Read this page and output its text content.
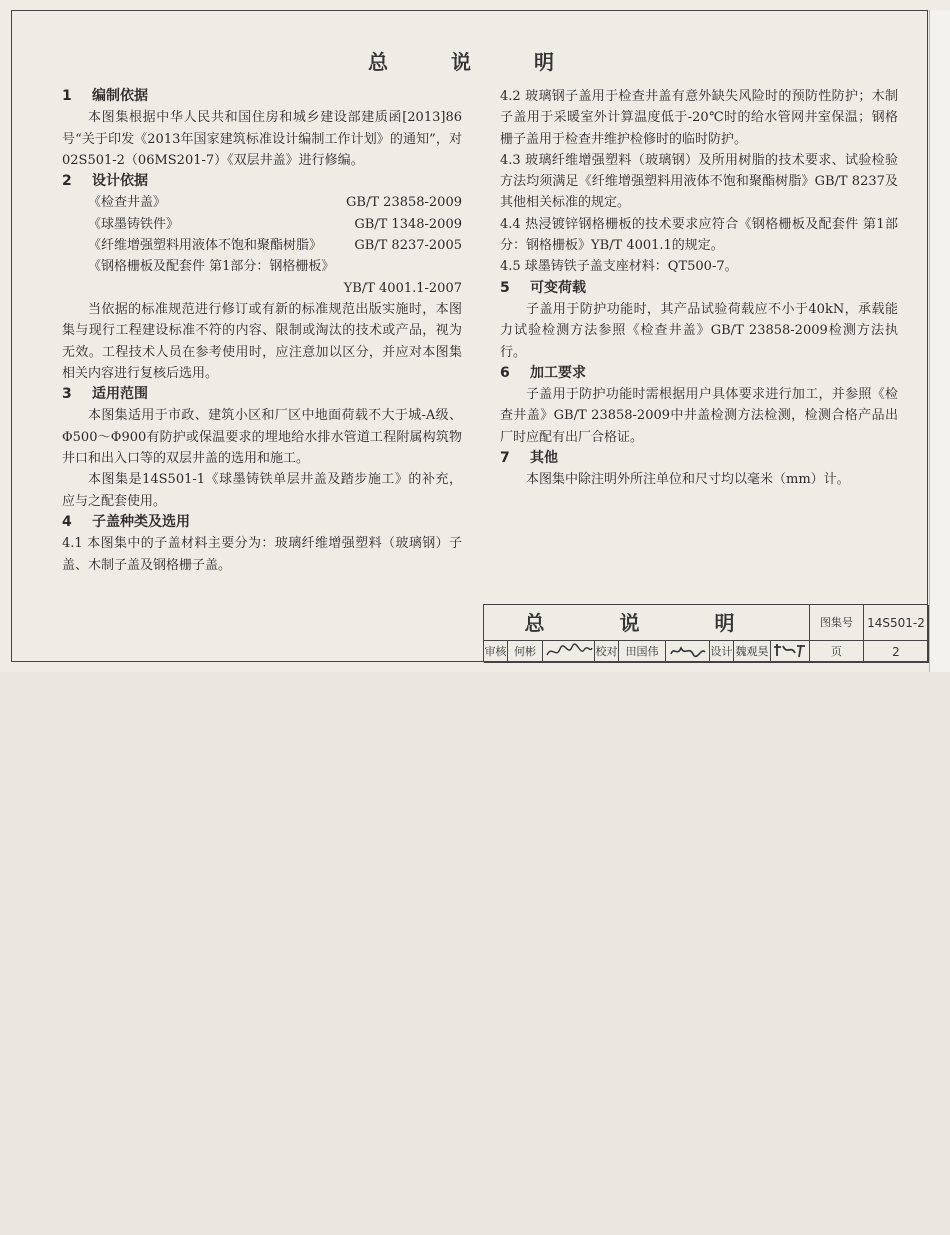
总 说 明
1 编制依据
本图集根据中华人民共和国住房和城乡建设部建质函[2013]86号“关于印发《2013年国家建筑标准设计编制工作计划》的通知”，对02S501-2（06MS201-7）《双层井盖》进行修编。
2 设计依据
《检查井盖》	GB/T 23858-2009
《球墨铸铁件》	GB/T 1348-2009
《纤维增强塑料用液体不饱和聚酯树脂》 GB/T 8237-2005
《钢格栅板及配套件 第1部分：钢格栅板》
YB/T 4001.1-2007
当依据的标准规范进行修订或有新的标准规范出版实施时，本图集与现行工程建设标准不符的内容、限制或淘汰的技术或产品，视为无效。工程技术人员在参考使用时，应注意加以区分，并应对本图集相关内容进行复核后选用。
3 适用范围
本图集适用于市政、建筑小区和厂区中地面荷载不大于城-A级、Φ500～Φ900有防护或保温要求的埋地给水排水管道工程附属构筑物井口和出入口等的双层井盖的选用和施工。
本图集是14S501-1《球墨铸铁单层井盖及踏步施工》的补充，应与之配套使用。
4 子盖种类及选用
4.1 本图集中的子盖材料主要分为：玻璃纤维增强塑料（玻璃钢）子盖、木制子盖及钢格栅子盖。
4.2 玻璃钢子盖用于检查井盖有意外缺失风险时的预防性防护；木制子盖用于采暖室外计算温度低于-20℃时的给水管网井室保温；钢格栅子盖用于检查井维护检修时的临时防护。
4.3 玻璃纤维增强塑料（玻璃钢）及所用树脂的技术要求、试验检验方法均须满足《纤维增强塑料用液体不饱和聚酯树脂》GB/T 8237及其他相关标准的规定。
4.4 热浸镀锌钢格栅板的技术要求应符合《钢格栅板及配套件 第1部分：钢格栅板》YB/T 4001.1的规定。
4.5 球墨铸铁子盖支座材料：QT500-7。
5 可变荷载
子盖用于防护功能时，其产品试验荷载应不小于40kN，承载能力试验检测方法参照《检查井盖》GB/T 23858-2009检测方法执行。
6 加工要求
子盖用于防护功能时需根据用户具体要求进行加工，并参照《检查井盖》GB/T 23858-2009中井盖检测方法检测，检测合格产品出厂时应配有出厂合格证。
7 其他
本图集中除注明外所注单位和尺寸均以毫米（mm）计。
总 说 明	图集号	14S501-2
审核 何彬	校对 田国伟	设计 魏观昊	页	2
